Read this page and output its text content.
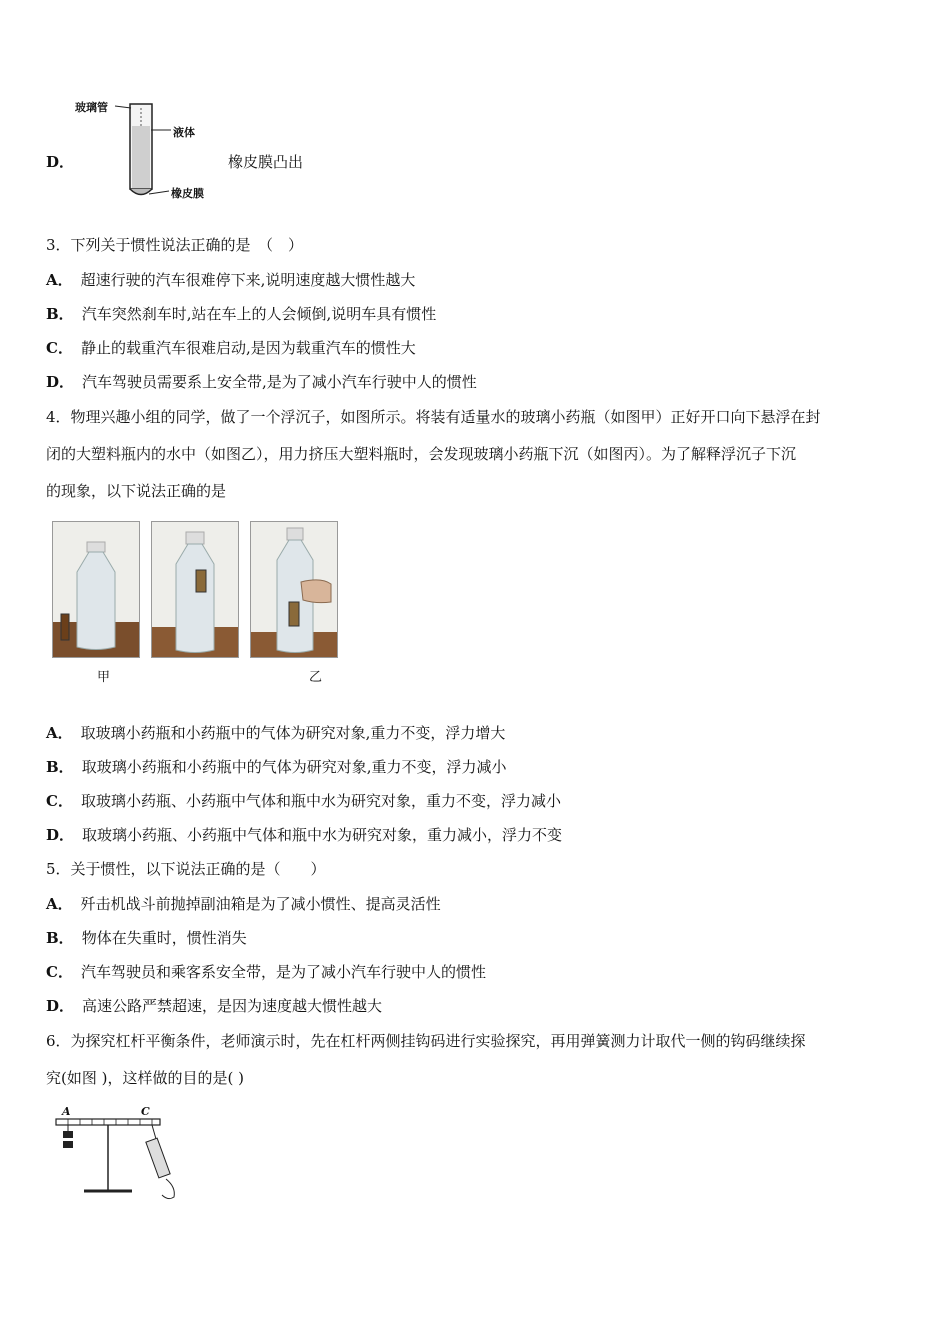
D．
玻璃管
液体
橡皮膜
橡皮膜凸出
3．下列关于惯性说法正确的是　（　）
A． 超速行驶的汽车很难停下来,说明速度越大惯性越大
B． 汽车突然刹车时,站在车上的人会倾倒,说明车具有惯性
C． 静止的载重汽车很难启动,是因为载重汽车的惯性大
D． 汽车驾驶员需要系上安全带,是为了减小汽车行驶中人的惯性
4．物理兴趣小组的同学，做了一个浮沉子，如图所示。将装有适量水的玻璃小药瓶（如图甲）正好开口向下悬浮在封
闭的大塑料瓶内的水中（如图乙），用力挤压大塑料瓶时，会发现玻璃小药瓶下沉（如图丙）。为了解释浮沉子下沉
的现象，以下说法正确的是
甲	乙
A． 取玻璃小药瓶和小药瓶中的气体为研究对象,重力不变，浮力增大
B． 取玻璃小药瓶和小药瓶中的气体为研究对象,重力不变，浮力减小
C． 取玻璃小药瓶、小药瓶中气体和瓶中水为研究对象，重力不变，浮力减小
D． 取玻璃小药瓶、小药瓶中气体和瓶中水为研究对象，重力减小，浮力不变
5．关于惯性，以下说法正确的是（　　）
A． 歼击机战斗前抛掉副油箱是为了减小惯性、提高灵活性
B． 物体在失重时，惯性消失
C． 汽车驾驶员和乘客系安全带，是为了减小汽车行驶中人的惯性
D． 高速公路严禁超速，是因为速度越大惯性越大
6．为探究杠杆平衡条件，老师演示时，先在杠杆两侧挂钩码进行实验探究，再用弹簧测力计取代一侧的钩码继续探
究(如图 )，这样做的目的是( )
A	C
